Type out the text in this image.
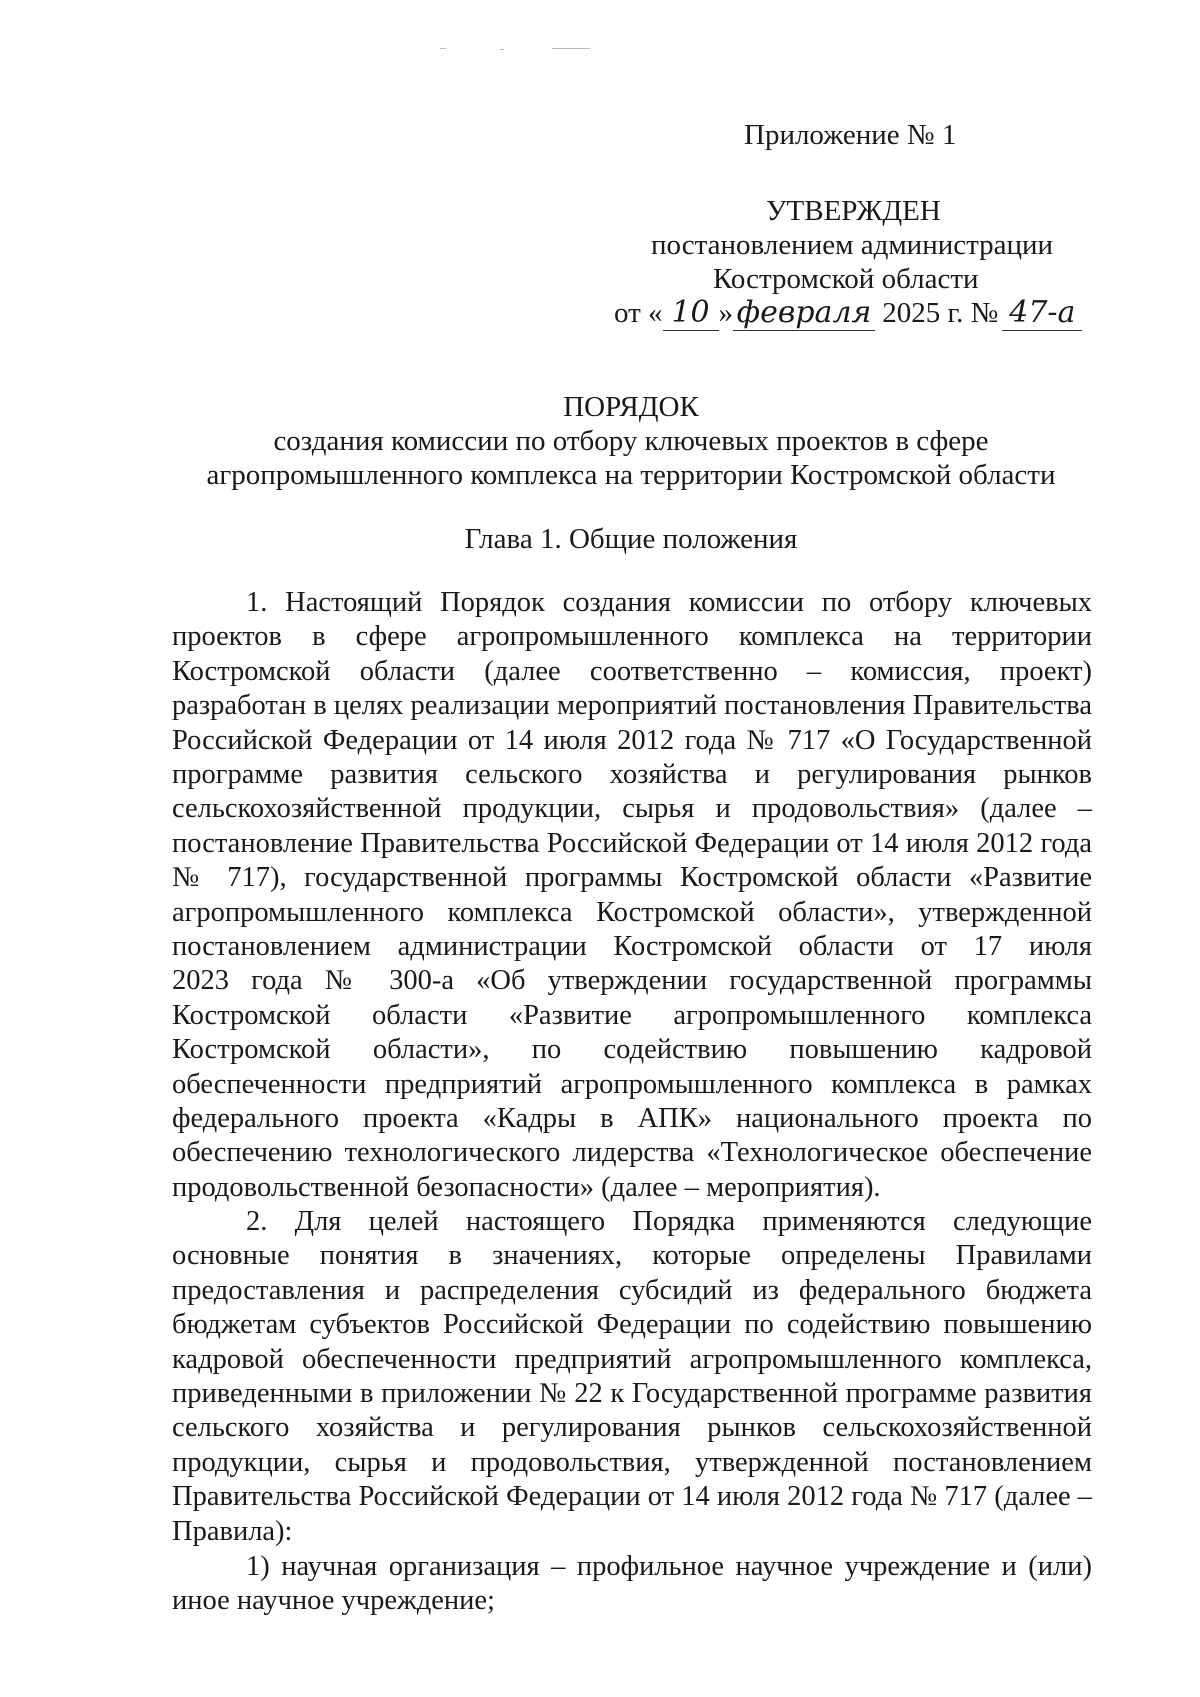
Приложение № 1
УТВЕРЖДЕН
постановлением администрации
Костромской области
от « 10 » февраля 2025 г. № 47-а
ПОРЯДОК
создания комиссии по отбору ключевых проектов в сфере
агропромышленного комплекса на территории Костромской области
Глава 1. Общие положения
1. Настоящий Порядок создания комиссии по отбору ключевых
проектов в сфере агропромышленного комплекса на территории
Костромской области (далее соответственно – комиссия, проект)
разработан в целях реализации мероприятий постановления Правительства
Российской Федерации от 14 июля 2012 года № 717 «О Государственной
программе развития сельского хозяйства и регулирования рынков
сельскохозяйственной продукции, сырья и продовольствия» (далее –
постановление Правительства Российской Федерации от 14 июля 2012 года
№ 717), государственной программы Костромской области «Развитие
агропромышленного комплекса Костромской области», утвержденной
постановлением администрации Костромской области от 17 июля
2023 года № 300-а «Об утверждении государственной программы
Костромской области «Развитие агропромышленного комплекса
Костромской области», по содействию повышению кадровой
обеспеченности предприятий агропромышленного комплекса в рамках
федерального проекта «Кадры в АПК» национального проекта по
обеспечению технологического лидерства «Технологическое обеспечение
продовольственной безопасности» (далее – мероприятия).
2. Для целей настоящего Порядка применяются следующие
основные понятия в значениях, которые определены Правилами
предоставления и распределения субсидий из федерального бюджета
бюджетам субъектов Российской Федерации по содействию повышению
кадровой обеспеченности предприятий агропромышленного комплекса,
приведенными в приложении № 22 к Государственной программе развития
сельского хозяйства и регулирования рынков сельскохозяйственной
продукции, сырья и продовольствия, утвержденной постановлением
Правительства Российской Федерации от 14 июля 2012 года № 717 (далее –
Правила):
1) научная организация – профильное научное учреждение и (или)
иное научное учреждение;
